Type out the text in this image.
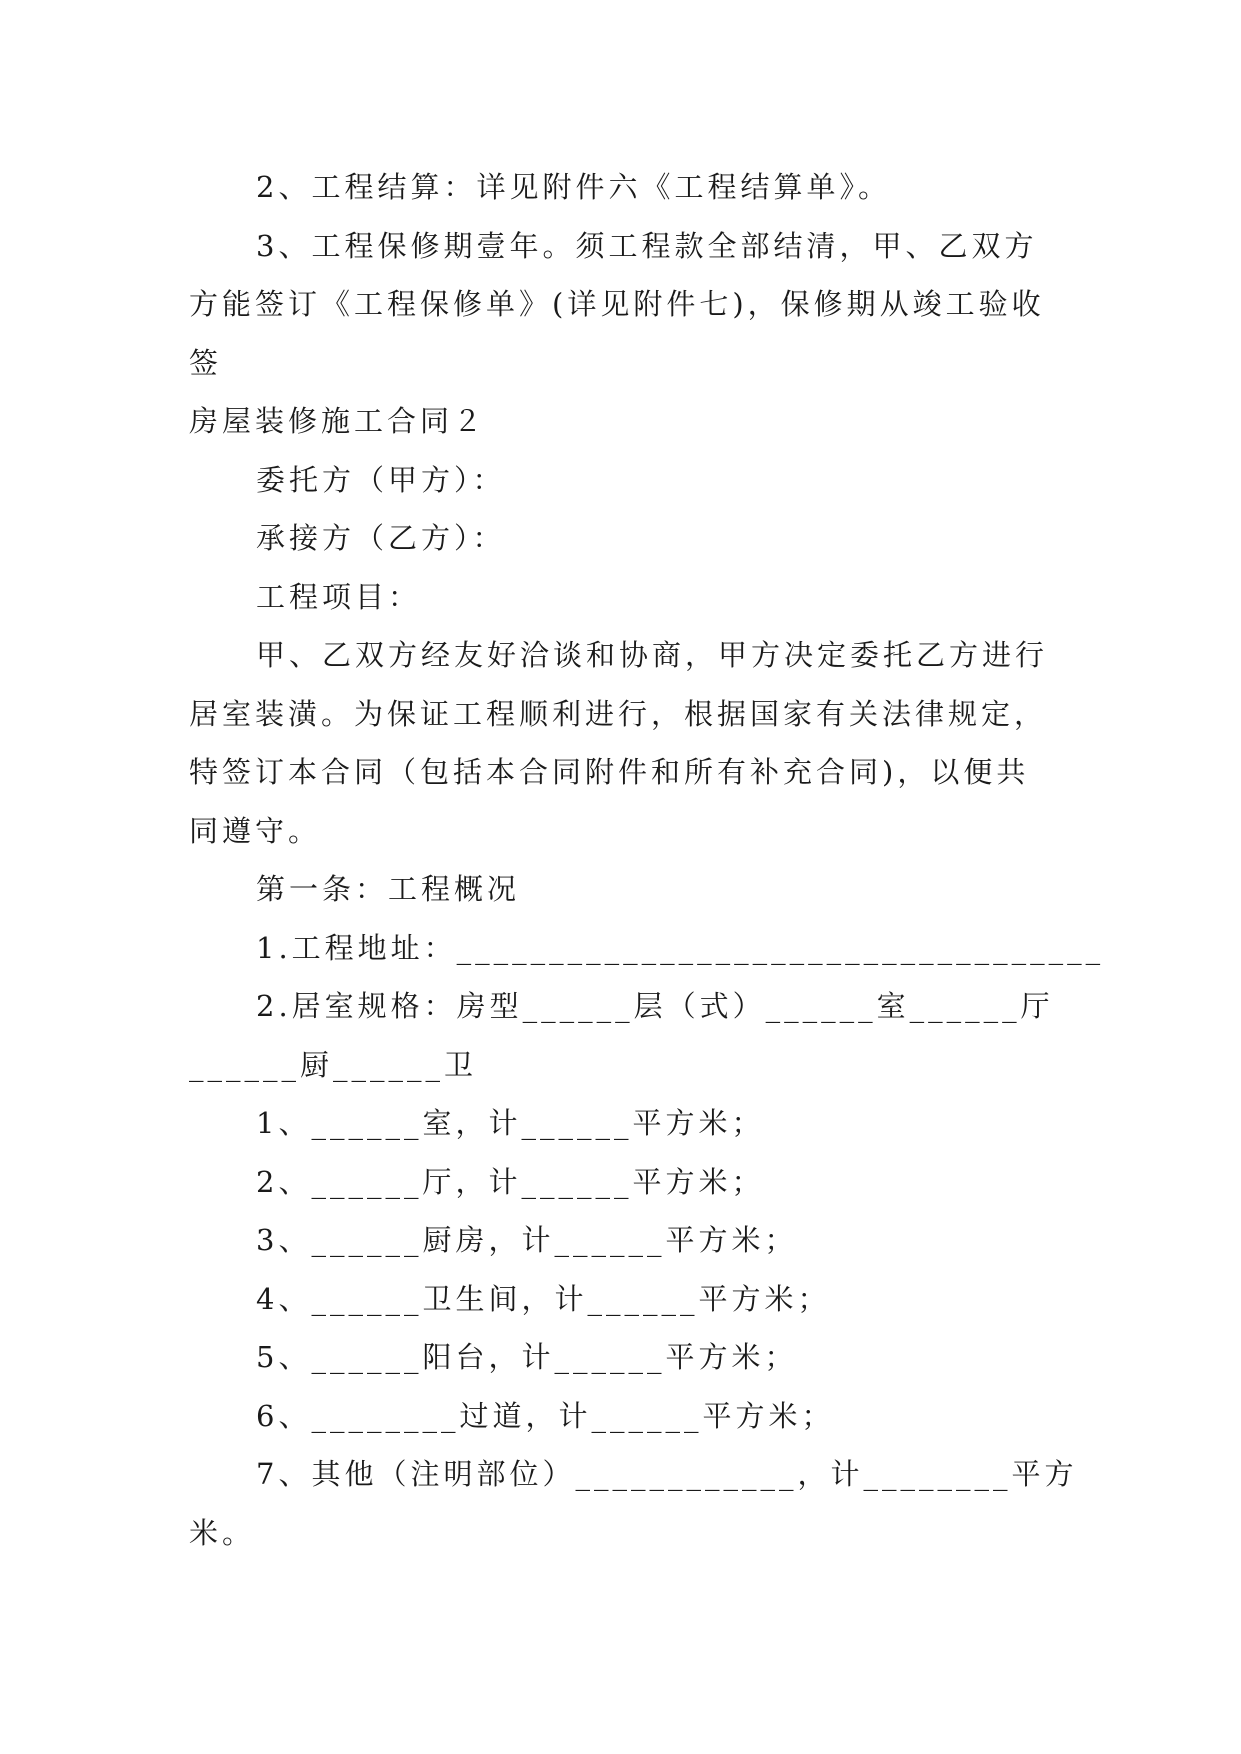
2、工程结算：详见附件六《工程结算单》。
3、工程保修期壹年。须工程款全部结清，甲、乙双方
方能签订《工程保修单》(详见附件七)，保修期从竣工验收
签
房屋装修施工合同２
委托方（甲方）：
承接方（乙方）：
工程项目：
甲、乙双方经友好洽谈和协商，甲方决定委托乙方进行
居室装潢。为保证工程顺利进行，根据国家有关法律规定，
特签订本合同（包括本合同附件和所有补充合同)，以便共
同遵守。
第一条：工程概况
1.工程地址：___________________________________
2.居室规格：房型______层（式）______室______厅
______厨______卫
1、______室，计______平方米；
2、______厅，计______平方米；
3、______厨房，计______平方米；
4、______卫生间，计______平方米；
5、______阳台，计______平方米；
6、________过道，计______平方米；
7、其他（注明部位）____________，计________平方
米。
